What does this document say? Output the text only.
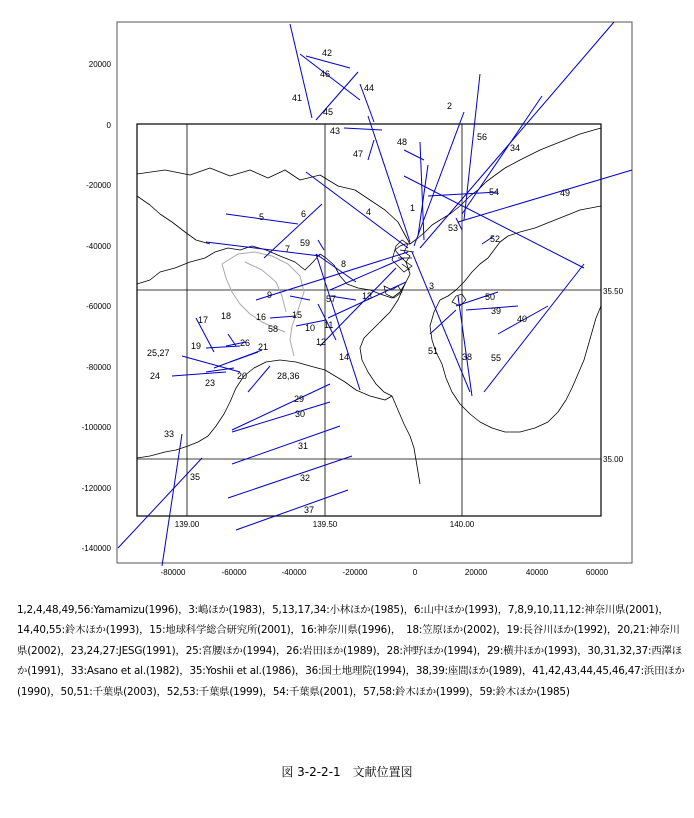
-80000	-60000	-40000	-20000	0	20000	40000	60000
20000
0
-20000
-40000
-60000
-80000
-100000
-120000
-140000
139.00	139.50	140.00
35.50
35.00
1
2
3
4
5	6
7
8
9
10 11
12
13
14
15
16
17 18
19
20
21
23
24
25,27
26
28,36
29
30
31
32
33
34
35
37
38
39
40
41
42
43
44
45
46
47
48
49
50
51
52
53
54
55
56
57
58
59
1,2,4,48,49,56:Yamamizu(1996)，3:嶋ほか(1983)，5,13,17,34:小林ほか(1985)，6:山中ほか(1993)，7,8,9,10,11,12:神奈川県(2001)，14,40,55:鈴木ほか(1993)，15:地球科学総合研究所(2001)，16:神奈川県(1996)，　18:笠原ほか(2002)，19:長谷川ほか(1992)，20,21:神奈川県(2002)，23,24,27:JESG(1991)，25:宮腰ほか(1994)，26:岩田ほか(1989)，28:沖野ほか(1994)，29:横井ほか(1993)，30,31,32,37:西澤ほか(1991)，33:Asano et al.(1982)，35:Yoshii et al.(1986)，36:国土地理院(1994)，38,39:座間ほか(1989)，41,42,43,44,45,46,47:浜田ほか(1990)，50,51:千葉県(2003)，52,53:千葉県(1999)，54:千葉県(2001)，57,58:鈴木ほか(1999)，59:鈴木ほか(1985)
図 3-2-2-1　文献位置図
